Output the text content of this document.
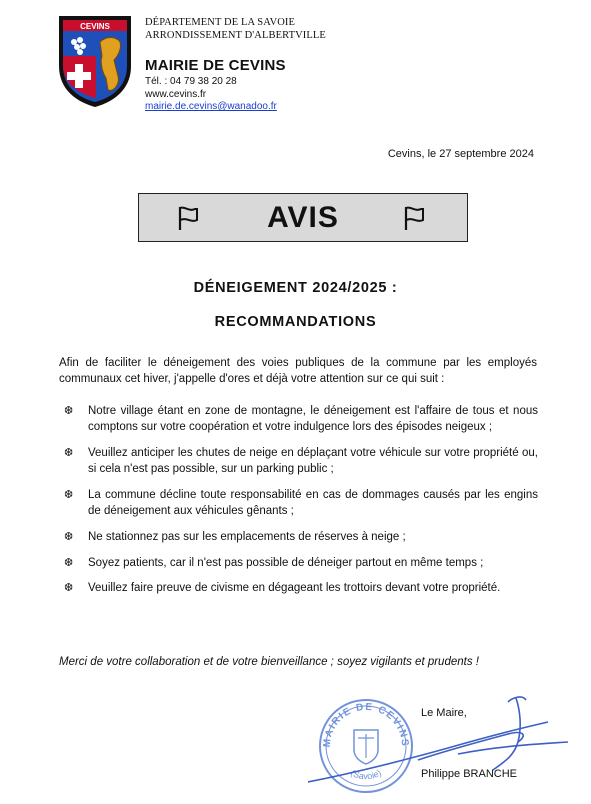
CEVINS	DÉPARTEMENT DE LA SAVOIE
ARRONDISSEMENT D'ALBERTVILLE
MAIRIE DE CEVINS
Tél. : 04 79 38 20 28
www.cevins.fr
mairie.de.cevins@wanadoo.fr
Cevins, le 27 septembre 2024
AVIS
DÉNEIGEMENT 2024/2025 :
RECOMMANDATIONS
Afin de faciliter le déneigement des voies publiques de la commune par les employés communaux cet hiver, j'appelle d'ores et déjà votre attention sur ce qui suit :
❆ Notre village étant en zone de montagne, le déneigement est l'affaire de tous et nous comptons sur votre coopération et votre indulgence lors des épisodes neigeux ;
❆ Veuillez anticiper les chutes de neige en déplaçant votre véhicule sur votre propriété ou, si cela n'est pas possible, sur un parking public ;
❆ La commune décline toute responsabilité en cas de dommages causés par les engins de déneigement aux véhicules gênants ;
❆ Ne stationnez pas sur les emplacements de réserves à neige ;
❆ Soyez patients, car il n'est pas possible de déneiger partout en même temps ;
❆ Veuillez faire preuve de civisme en dégageant les trottoirs devant votre propriété.
Merci de votre collaboration et de votre bienveillance ; soyez vigilants et prudents !
MAIRIE DE CEVINS
(Savoie)
Le Maire,
Philippe BRANCHE
